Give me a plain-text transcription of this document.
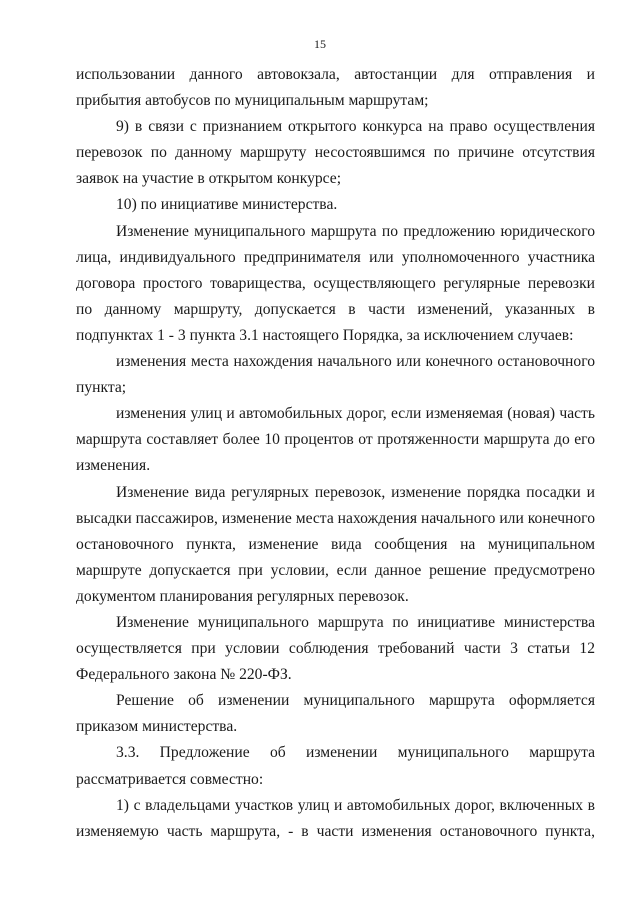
15

использовании данного автовокзала, автостанции для отправления и прибытия автобусов по муниципальным маршрутам;

9) в связи с признанием открытого конкурса на право осуществления перевозок по данному маршруту несостоявшимся по причине отсутствия заявок на участие в открытом конкурсе;

10) по инициативе министерства.

Изменение муниципального маршрута по предложению юридического лица, индивидуального предпринимателя или уполномоченного участника договора простого товарищества, осуществляющего регулярные перевозки по данному маршруту, допускается в части изменений, указанных в подпунктах 1 - 3 пункта 3.1 настоящего Порядка, за исключением случаев:

изменения места нахождения начального или конечного остановочного пункта;

изменения улиц и автомобильных дорог, если изменяемая (новая) часть маршрута составляет более 10 процентов от протяженности маршрута до его изменения.

Изменение вида регулярных перевозок, изменение порядка посадки и высадки пассажиров, изменение места нахождения начального или конечного остановочного пункта, изменение вида сообщения на муниципальном маршруте допускается при условии, если данное решение предусмотрено документом планирования регулярных перевозок.

Изменение муниципального маршрута по инициативе министерства осуществляется при условии соблюдения требований части 3 статьи 12 Федерального закона № 220-ФЗ.

Решение об изменении муниципального маршрута оформляется приказом министерства.

3.3. Предложение об изменении муниципального маршрута рассматривается совместно:

1) с владельцами участков улиц и автомобильных дорог, включенных в изменяемую часть маршрута, - в части изменения остановочного пункта,
